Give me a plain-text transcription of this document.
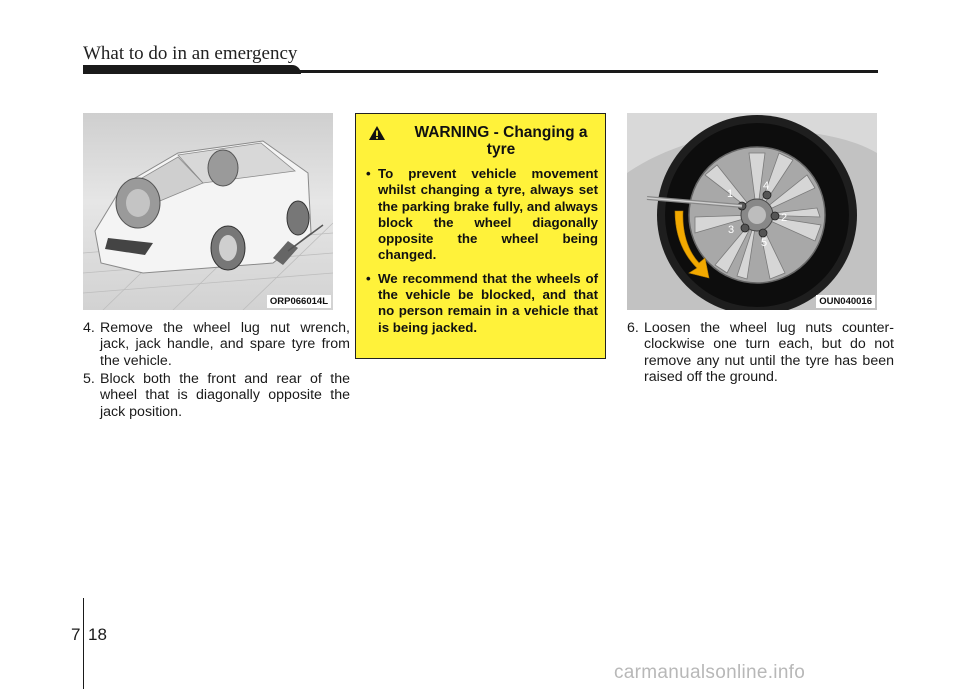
What to do in an emergency
ORP066014L
4. Remove the wheel lug nut wrench, jack, jack handle, and spare tyre from the vehicle.
5. Block both the front and rear of the wheel that is diagonally opposite the jack position.
WARNING - Changing a tyre
• To prevent vehicle movement whilst changing a tyre, always set the parking brake fully, and always block the wheel diagonally opposite the wheel being changed.
• We recommend that the wheels of the vehicle be blocked, and that no person remain in a vehicle that is being jacked.
1
2
3
4
5
OUN040016
6. Loosen the wheel lug nuts counter-clockwise one turn each, but do not remove any nut until the tyre has been raised off the ground.
7 18
carmanualsonline.info
